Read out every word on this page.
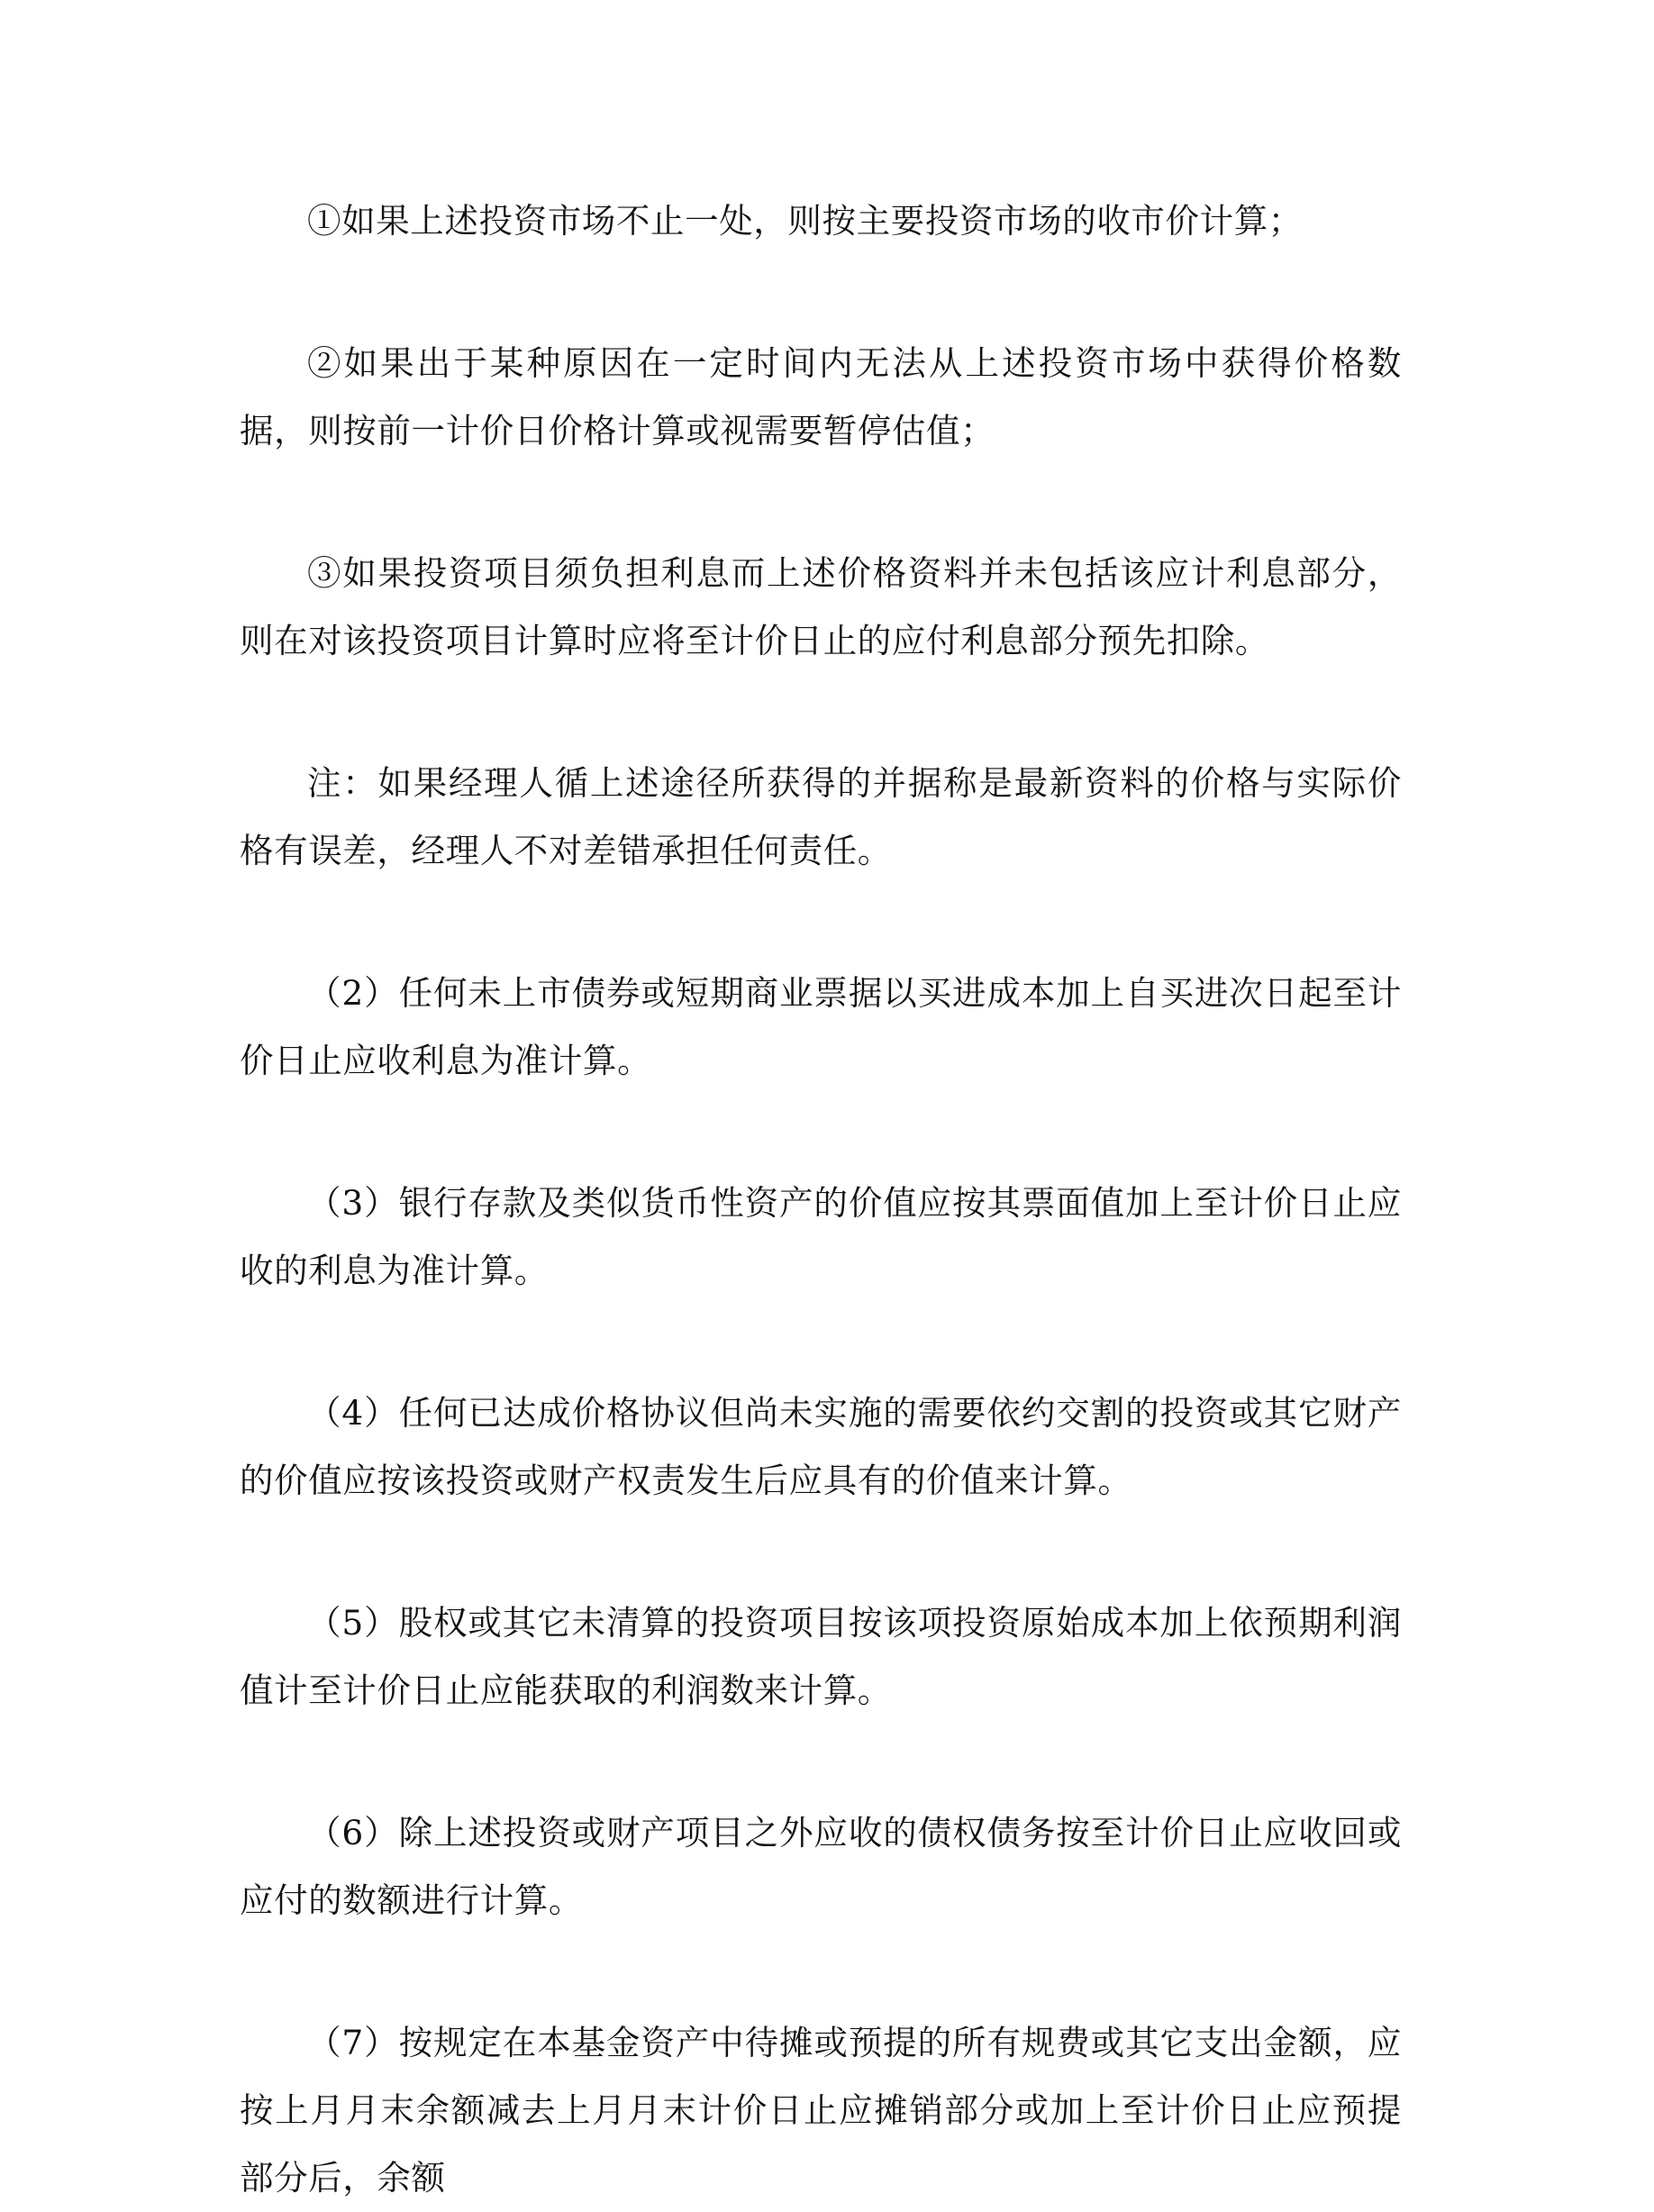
①如果上述投资市场不止一处，则按主要投资市场的收市价计算；

②如果出于某种原因在一定时间内无法从上述投资市场中获得价格数据，则按前一计价日价格计算或视需要暂停估值；

③如果投资项目须负担利息而上述价格资料并未包括该应计利息部分，则在对该投资项目计算时应将至计价日止的应付利息部分预先扣除。

注：如果经理人循上述途径所获得的并据称是最新资料的价格与实际价格有误差，经理人不对差错承担任何责任。

（2）任何未上市债券或短期商业票据以买进成本加上自买进次日起至计价日止应收利息为准计算。

（3）银行存款及类似货币性资产的价值应按其票面值加上至计价日止应收的利息为准计算。

（4）任何已达成价格协议但尚未实施的需要依约交割的投资或其它财产的价值应按该投资或财产权责发生后应具有的价值来计算。

（5）股权或其它未清算的投资项目按该项投资原始成本加上依预期利润值计至计价日止应能获取的利润数来计算。

（6）除上述投资或财产项目之外应收的债权债务按至计价日止应收回或应付的数额进行计算。

（7）按规定在本基金资产中待摊或预提的所有规费或其它支出金额，应按上月月末余额减去上月月末计价日止应摊销部分或加上至计价日止应预提部分后，余额
